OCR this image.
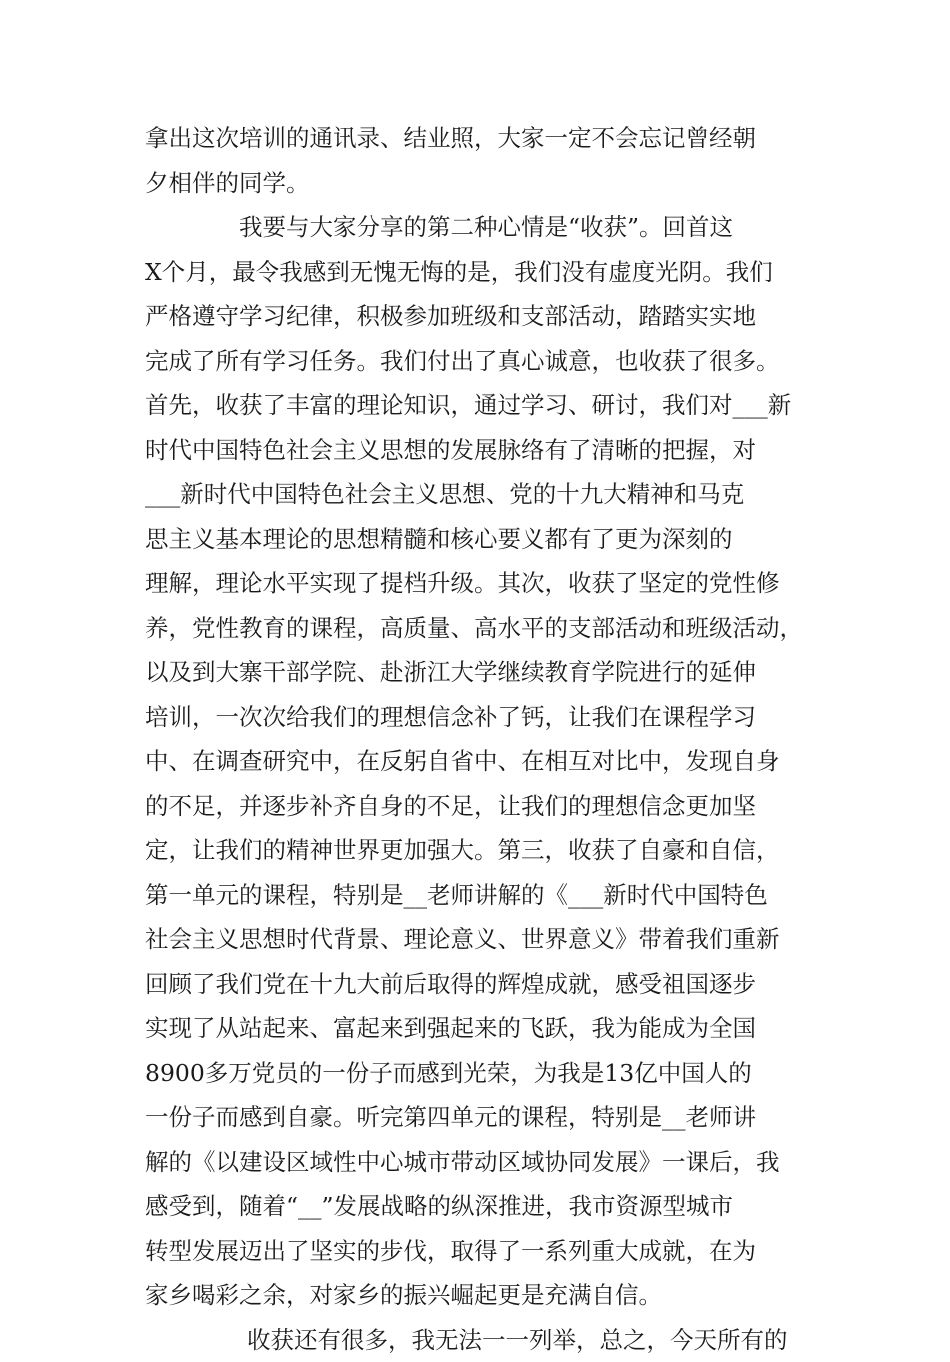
拿出这次培训的通讯录、结业照，大家一定不会忘记曾经朝
夕相伴的同学。
我要与大家分享的第二种心情是“收获”。回首这
X个月，最令我感到无愧无悔的是，我们没有虚度光阴。我们
严格遵守学习纪律，积极参加班级和支部活动，踏踏实实地
完成了所有学习任务。我们付出了真心诚意，也收获了很多。
首先，收获了丰富的理论知识，通过学习、研讨，我们对___新
时代中国特色社会主义思想的发展脉络有了清晰的把握，对
___新时代中国特色社会主义思想、党的十九大精神和马克
思主义基本理论的思想精髓和核心要义都有了更为深刻的
理解，理论水平实现了提档升级。其次，收获了坚定的党性修
养，党性教育的课程，高质量、高水平的支部活动和班级活动，
以及到大寨干部学院、赴浙江大学继续教育学院进行的延伸
培训，一次次给我们的理想信念补了钙，让我们在课程学习
中、在调查研究中，在反躬自省中、在相互对比中，发现自身
的不足，并逐步补齐自身的不足，让我们的理想信念更加坚
定，让我们的精神世界更加强大。第三，收获了自豪和自信，
第一单元的课程，特别是__老师讲解的《___新时代中国特色
社会主义思想时代背景、理论意义、世界意义》带着我们重新
回顾了我们党在十九大前后取得的辉煌成就，感受祖国逐步
实现了从站起来、富起来到强起来的飞跃，我为能成为全国
8900多万党员的一份子而感到光荣，为我是13亿中国人的
一份子而感到自豪。听完第四单元的课程，特别是__老师讲
解的《以建设区域性中心城市带动区域协同发展》一课后，我
感受到，随着“__”发展战略的纵深推进，我市资源型城市
转型发展迈出了坚实的步伐，取得了一系列重大成就，在为
家乡喝彩之余，对家乡的振兴崛起更是充满自信。
收获还有很多，我无法一一列举，总之，今天所有的
